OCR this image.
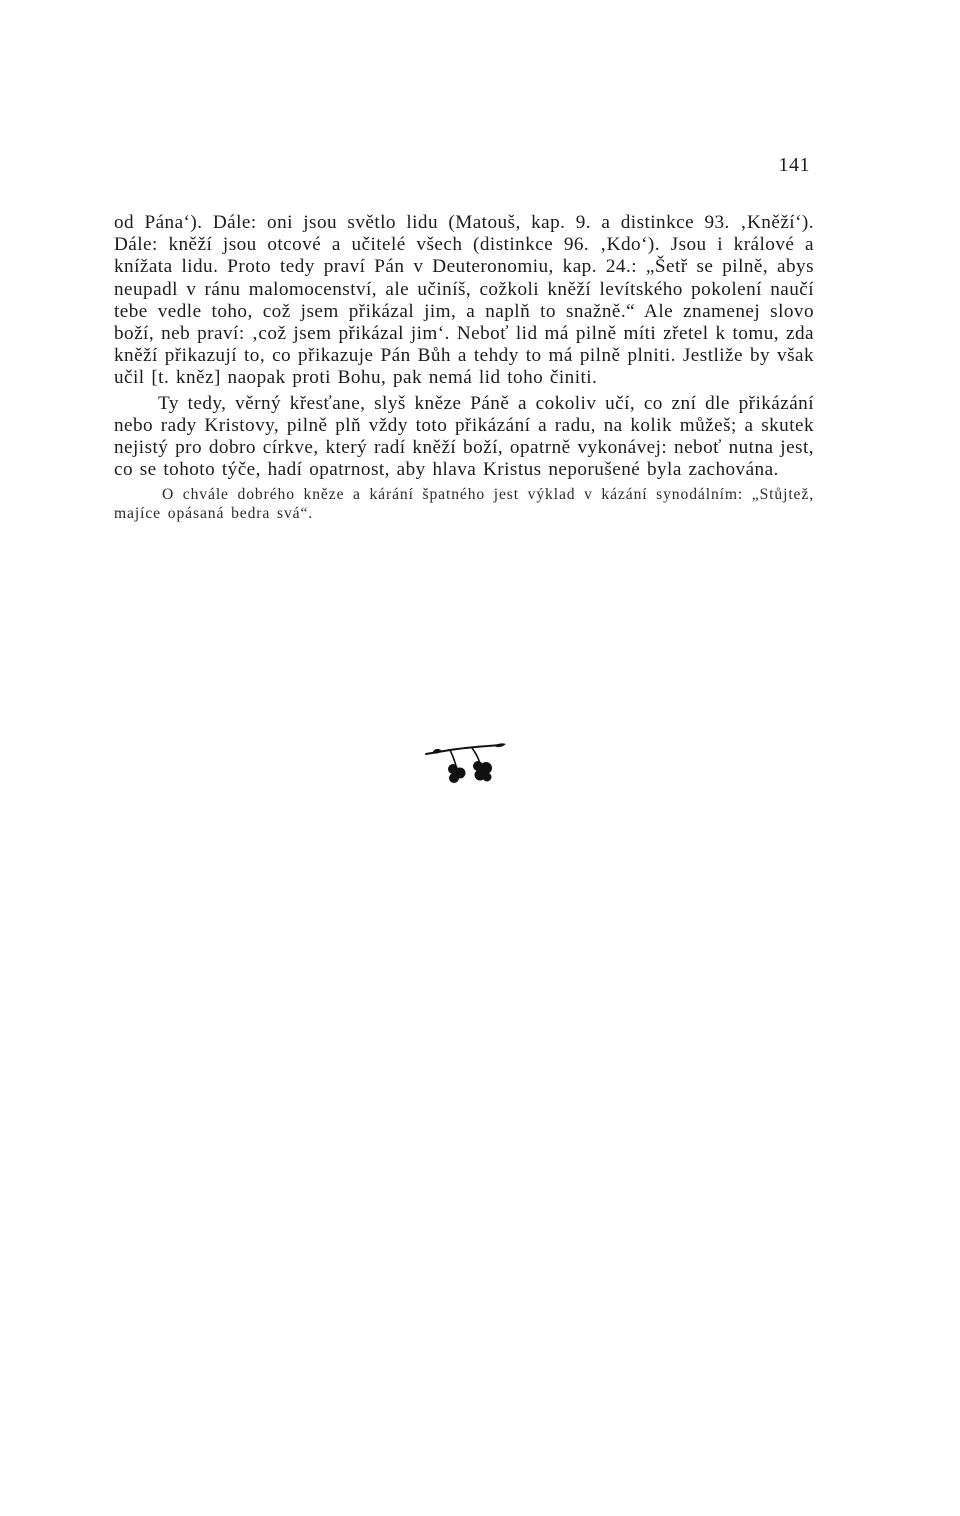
141

od Pána‘). Dále: oni jsou světlo lidu (Matouš, kap. 9. a distinkce 93. ‚Kněží‘). Dále: kněží jsou otcové a učitelé všech (distinkce 96. ‚Kdo‘). Jsou i králové a knížata lidu. Proto tedy praví Pán v Deuteronomiu, kap. 24.: „Šetř se pilně, abys neupadl v ránu malomocenství, ale učiníš, cožkoli kněží levítského pokolení naučí tebe vedle toho, což jsem přikázal jim, a naplň to snažně.“ Ale znamenej slovo boží, neb praví: ‚což jsem přikázal jim‘. Neboť lid má pilně míti zřetel k tomu, zda kněží přikazují to, co přikazuje Pán Bůh a tehdy to má pilně plniti. Jestliže by však učil [t. kněz] naopak proti Bohu, pak nemá lid toho činiti.

Ty tedy, věrný křesťane, slyš kněze Páně a cokoliv učí, co zní dle přikázání nebo rady Kristovy, pilně plň vždy toto přikázání a radu, na kolik můžeš; a skutek nejistý pro dobro církve, který radí kněží boží, opatrně vykonávej: neboť nutna jest, co se tohoto týče, hadí opatrnost, aby hlava Kristus neporušené byla zachována.

O chvále dobrého kněze a kárání špatného jest výklad v kázání synodálním: „Stůjtež, majíce opásaná bedra svá“.
